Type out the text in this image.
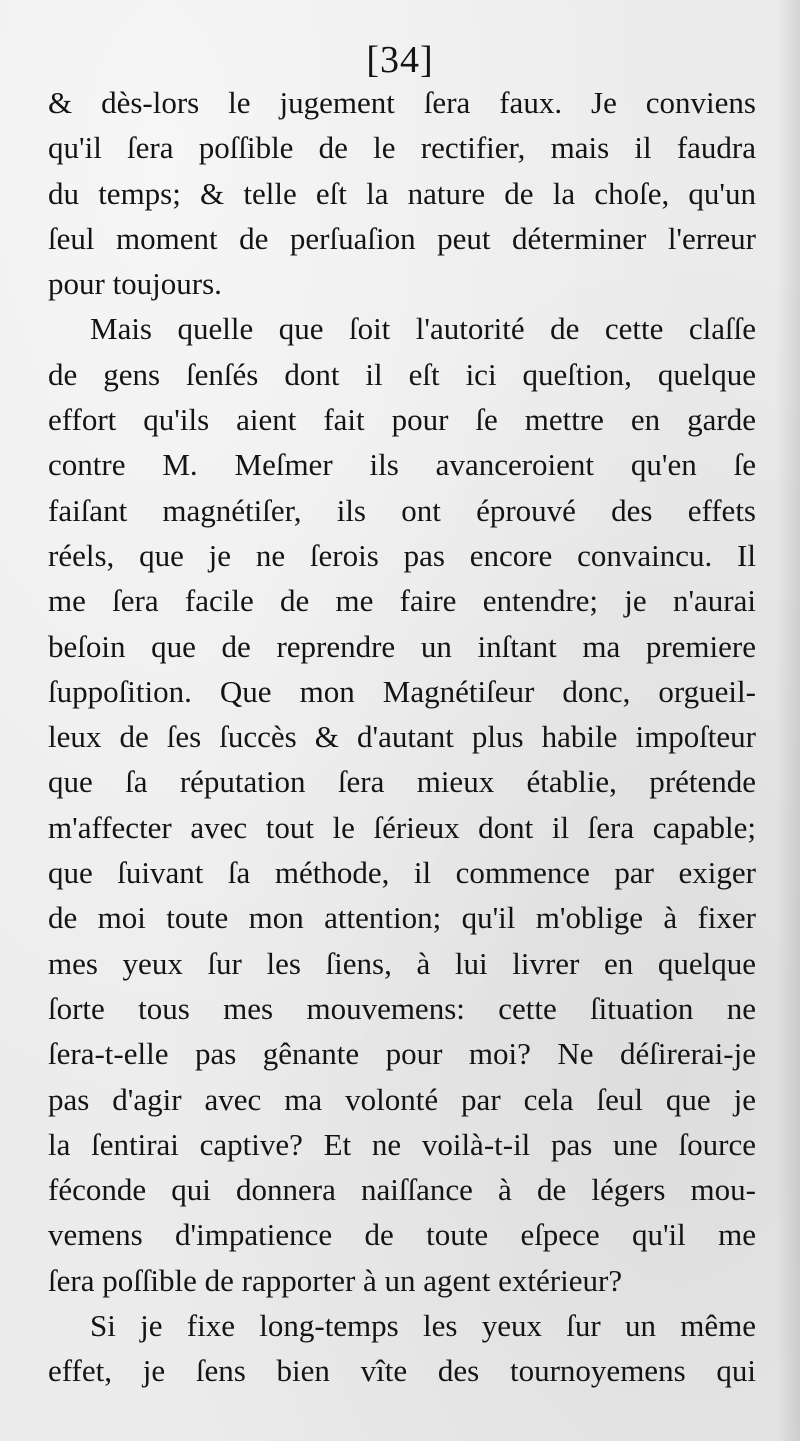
[34]
& dès-lors le jugement ſera faux. Je conviens
qu'il ſera poſſible de le rectifier, mais il faudra
du temps; & telle eſt la nature de la choſe, qu'un
ſeul moment de perſuaſion peut déterminer l'erreur
pour toujours.
Mais quelle que ſoit l'autorité de cette claſſe
de gens ſenſés dont il eſt ici queſtion, quelque
effort qu'ils aient fait pour ſe mettre en garde
contre M. Meſmer ils avanceroient qu'en ſe
faiſant magnétiſer, ils ont éprouvé des effets
réels, que je ne ſerois pas encore convaincu. Il
me ſera facile de me faire entendre; je n'aurai
beſoin que de reprendre un inſtant ma premiere
ſuppoſition. Que mon Magnétiſeur donc, orgueil-
leux de ſes ſuccès & d'autant plus habile impoſteur
que ſa réputation ſera mieux établie, prétende
m'affecter avec tout le ſérieux dont il ſera capable;
que ſuivant ſa méthode, il commence par exiger
de moi toute mon attention; qu'il m'oblige à fixer
mes yeux ſur les ſiens, à lui livrer en quelque
ſorte tous mes mouvemens: cette ſituation ne
ſera-t-elle pas gênante pour moi? Ne déſirerai-je
pas d'agir avec ma volonté par cela ſeul que je
la ſentirai captive? Et ne voilà-t-il pas une ſource
féconde qui donnera naiſſance à de légers mou-
vemens d'impatience de toute eſpece qu'il me
ſera poſſible de rapporter à un agent extérieur?
Si je fixe long-temps les yeux ſur un même
effet, je ſens bien vîte des tournoyemens qui
